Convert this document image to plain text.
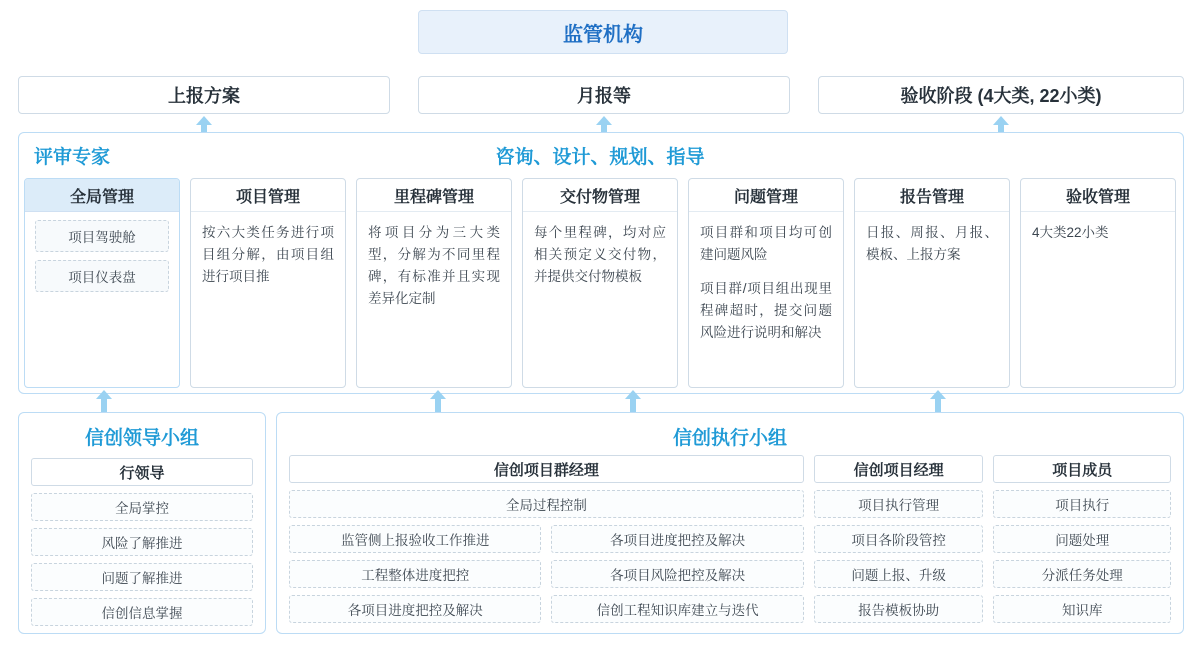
监管机构
上报方案	月报等	验收阶段 (4大类, 22小类)
评审专家	咨询、设计、规划、指导
全局管理
项目驾驶舱
项目仪表盘
项目管理

按六大类任务进行项目组分解，由项目组进行项目推

里程碑管理

将项目分为三大类型，分解为不同里程碑，有标准并且实现差异化定制

交付物管理

每个里程碑，均对应相关预定义交付物，并提供交付物模板

问题管理

项目群和项目均可创建问题风险

项目群/项目组出现里程碑超时，提交问题风险进行说明和解决

报告管理

日报、周报、月报、模板、上报方案

验收管理

4大类22小类

信创领导小组
行领导
全局掌控
风险了解推进
问题了解推进
信创信息掌握
信创执行小组
信创项目群经理	信创项目经理	项目成员
全局过程控制	项目执行管理	项目执行
监管侧上报验收工作推进	各项目进度把控及解决	项目各阶段管控	问题处理
工程整体进度把控	各项目风险把控及解决	问题上报、升级	分派任务处理
各项目进度把控及解决	信创工程知识库建立与迭代	报告模板协助	知识库
